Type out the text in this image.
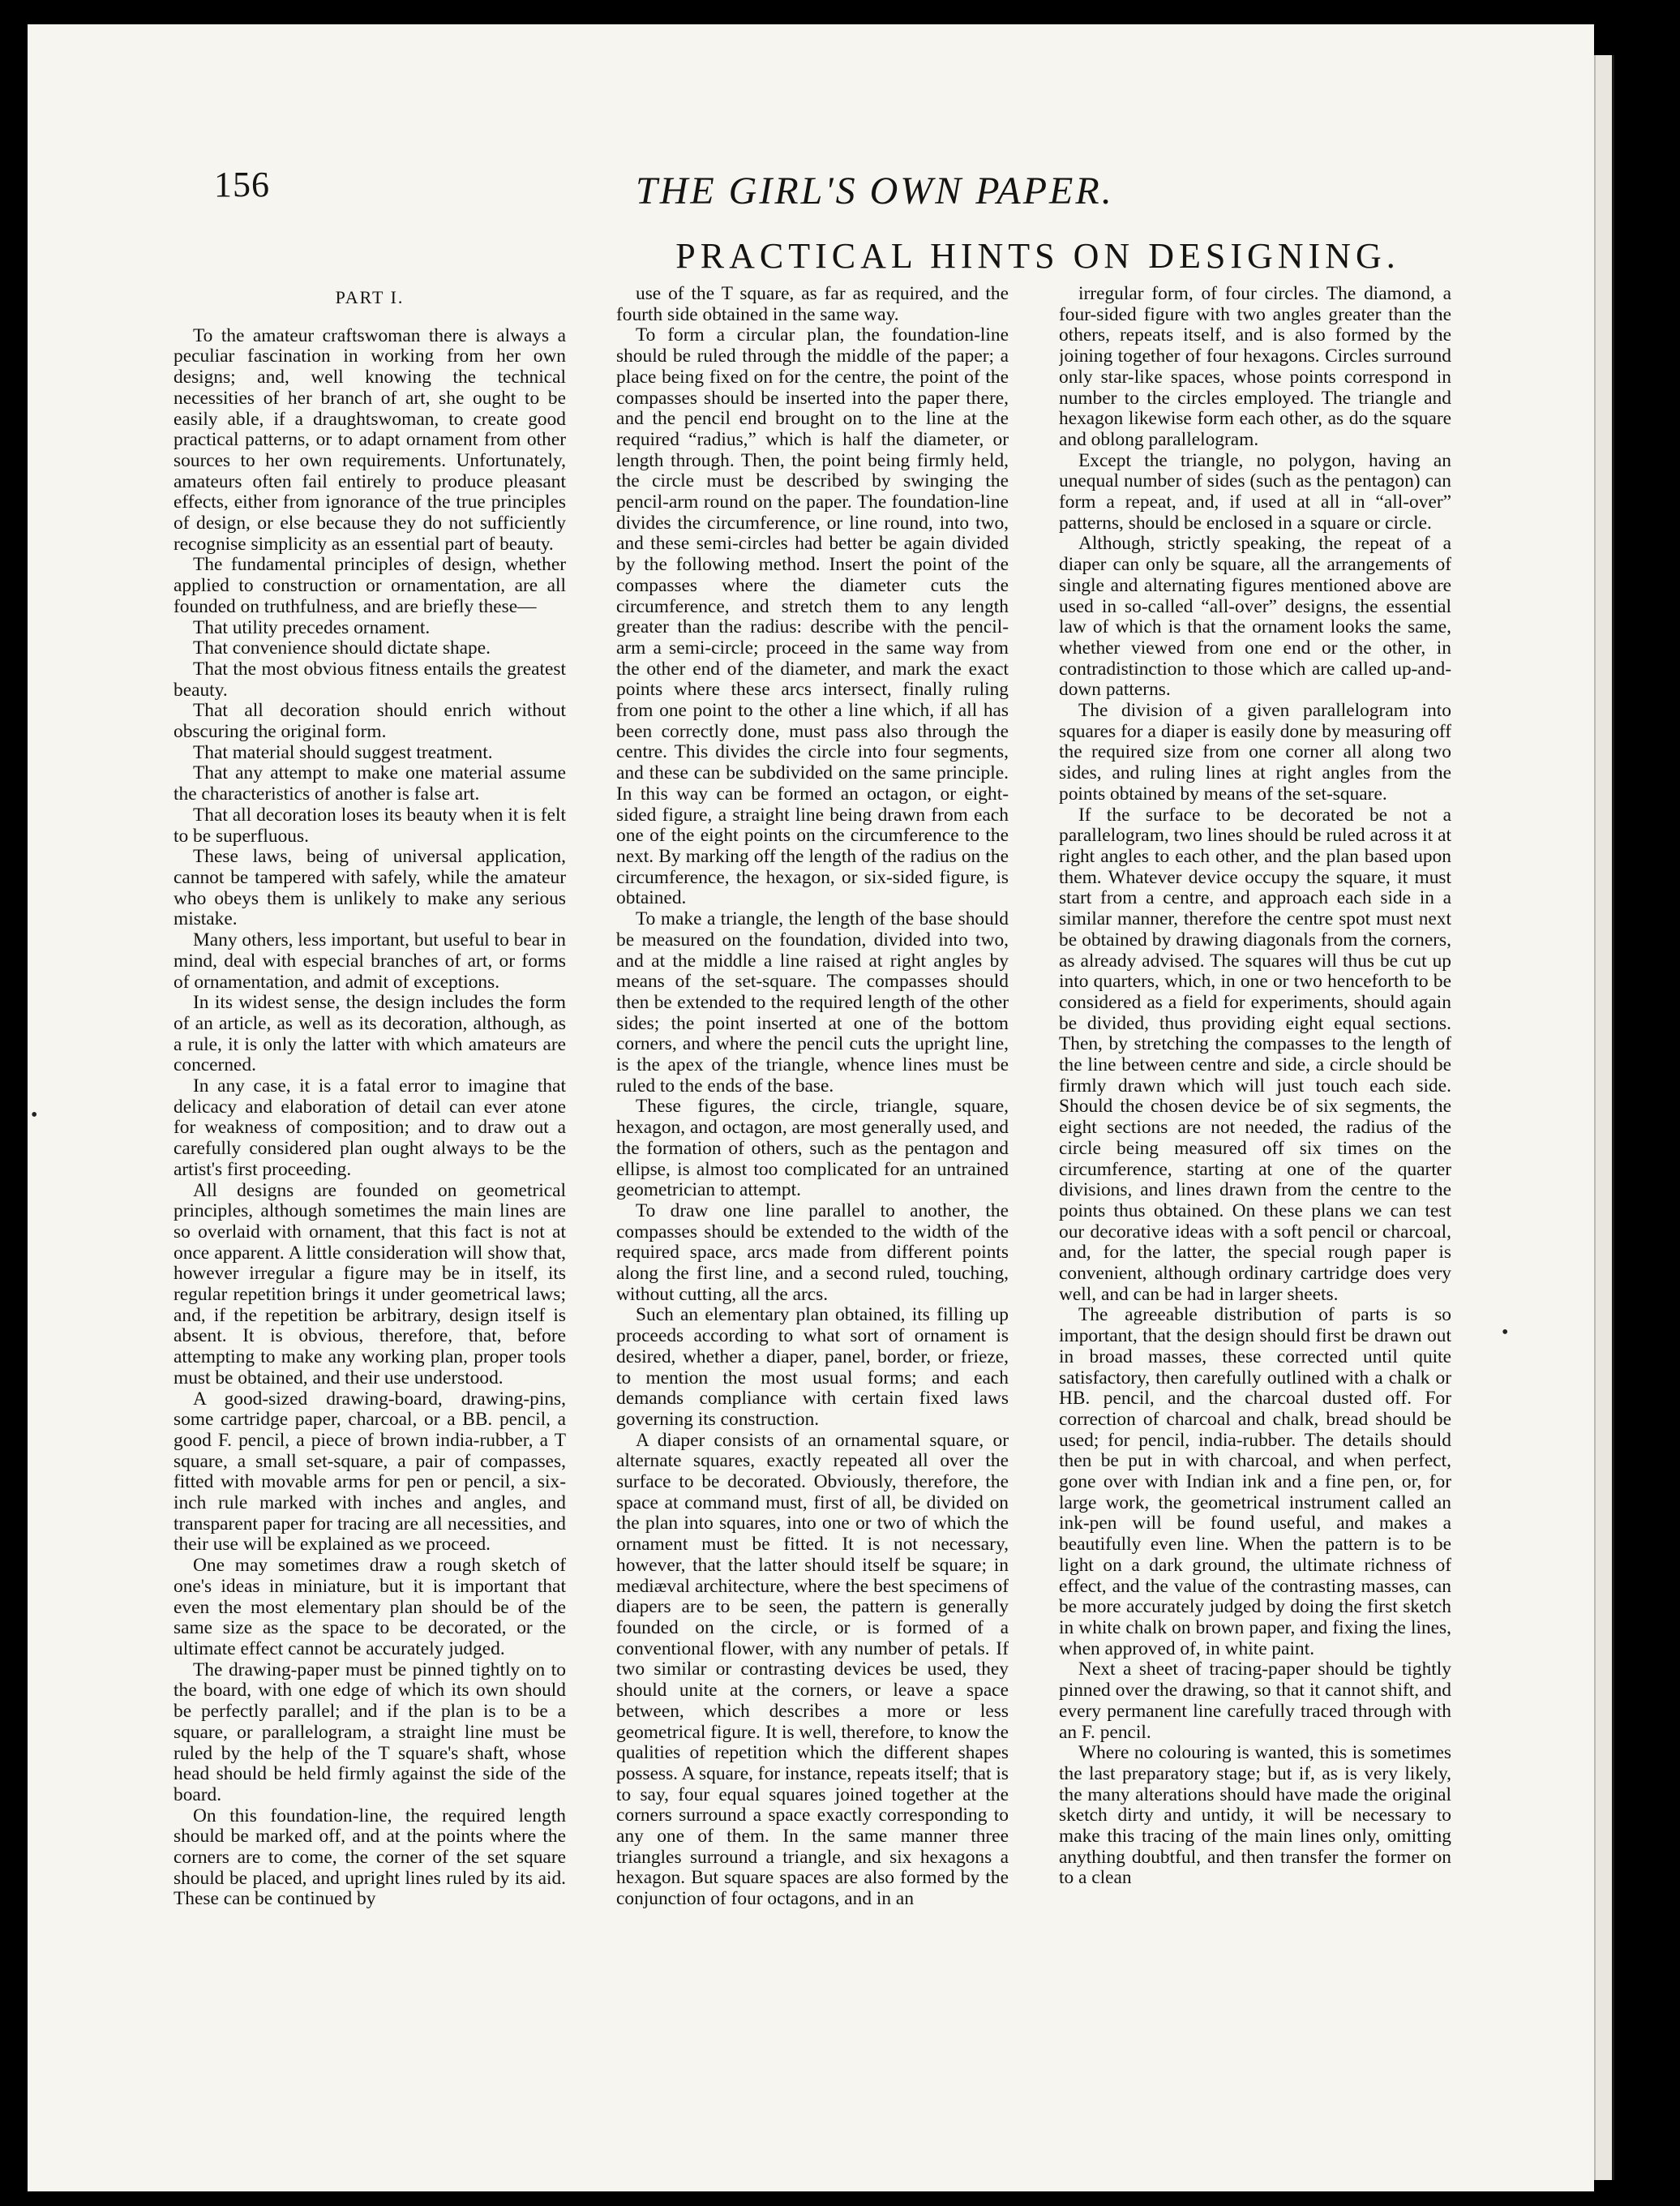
156	THE GIRL'S OWN PAPER.
PRACTICAL HINTS ON DESIGNING.
PART I.

To the amateur craftswoman there is always a peculiar fascination in working from her own designs; and, well knowing the technical necessities of her branch of art, she ought to be easily able, if a draughtswoman, to create good practical patterns, or to adapt ornament from other sources to her own requirements. Unfortunately, amateurs often fail entirely to produce pleasant effects, either from ignorance of the true principles of design, or else because they do not sufficiently recognise simplicity as an essential part of beauty.

The fundamental principles of design, whether applied to construction or ornamentation, are all founded on truthfulness, and are briefly these—

That utility precedes ornament.

That convenience should dictate shape.

That the most obvious fitness entails the greatest beauty.

That all decoration should enrich without obscuring the original form.

That material should suggest treatment.

That any attempt to make one material assume the characteristics of another is false art.

That all decoration loses its beauty when it is felt to be superfluous.

These laws, being of universal application, cannot be tampered with safely, while the amateur who obeys them is unlikely to make any serious mistake.

Many others, less important, but useful to bear in mind, deal with especial branches of art, or forms of ornamentation, and admit of exceptions.

In its widest sense, the design includes the form of an article, as well as its decoration, although, as a rule, it is only the latter with which amateurs are concerned.

In any case, it is a fatal error to imagine that delicacy and elaboration of detail can ever atone for weakness of composition; and to draw out a carefully considered plan ought always to be the artist's first proceeding.

All designs are founded on geometrical principles, although sometimes the main lines are so overlaid with ornament, that this fact is not at once apparent. A little consideration will show that, however irregular a figure may be in itself, its regular repetition brings it under geometrical laws; and, if the repetition be arbitrary, design itself is absent. It is obvious, therefore, that, before attempting to make any working plan, proper tools must be obtained, and their use understood.

A good-sized drawing-board, drawing-pins, some cartridge paper, charcoal, or a BB. pencil, a good F. pencil, a piece of brown india-rubber, a T square, a small set-square, a pair of compasses, fitted with movable arms for pen or pencil, a six-inch rule marked with inches and angles, and transparent paper for tracing are all necessities, and their use will be explained as we proceed.

One may sometimes draw a rough sketch of one's ideas in miniature, but it is important that even the most elementary plan should be of the same size as the space to be decorated, or the ultimate effect cannot be accurately judged.

The drawing-paper must be pinned tightly on to the board, with one edge of which its own should be perfectly parallel; and if the plan is to be a square, or parallelogram, a straight line must be ruled by the help of the T square's shaft, whose head should be held firmly against the side of the board.

On this foundation-line, the required length should be marked off, and at the points where the corners are to come, the corner of the set square should be placed, and upright lines ruled by its aid. These can be continued by

use of the T square, as far as required, and the fourth side obtained in the same way.

To form a circular plan, the foundation-line should be ruled through the middle of the paper; a place being fixed on for the centre, the point of the compasses should be inserted into the paper there, and the pencil end brought on to the line at the required “radius,” which is half the diameter, or length through. Then, the point being firmly held, the circle must be described by swinging the pencil-arm round on the paper. The foundation-line divides the circumference, or line round, into two, and these semi-circles had better be again divided by the following method. Insert the point of the compasses where the diameter cuts the circumference, and stretch them to any length greater than the radius: describe with the pencil-arm a semi-circle; proceed in the same way from the other end of the diameter, and mark the exact points where these arcs intersect, finally ruling from one point to the other a line which, if all has been correctly done, must pass also through the centre. This divides the circle into four segments, and these can be subdivided on the same principle. In this way can be formed an octagon, or eight-sided figure, a straight line being drawn from each one of the eight points on the circumference to the next. By marking off the length of the radius on the circumference, the hexagon, or six-sided figure, is obtained.

To make a triangle, the length of the base should be measured on the foundation, divided into two, and at the middle a line raised at right angles by means of the set-square. The compasses should then be extended to the required length of the other sides; the point inserted at one of the bottom corners, and where the pencil cuts the upright line, is the apex of the triangle, whence lines must be ruled to the ends of the base.

These figures, the circle, triangle, square, hexagon, and octagon, are most generally used, and the formation of others, such as the pentagon and ellipse, is almost too complicated for an untrained geometrician to attempt.

To draw one line parallel to another, the compasses should be extended to the width of the required space, arcs made from different points along the first line, and a second ruled, touching, without cutting, all the arcs.

Such an elementary plan obtained, its filling up proceeds according to what sort of ornament is desired, whether a diaper, panel, border, or frieze, to mention the most usual forms; and each demands compliance with certain fixed laws governing its construction.

A diaper consists of an ornamental square, or alternate squares, exactly repeated all over the surface to be decorated. Obviously, therefore, the space at command must, first of all, be divided on the plan into squares, into one or two of which the ornament must be fitted. It is not necessary, however, that the latter should itself be square; in mediæval architecture, where the best specimens of diapers are to be seen, the pattern is generally founded on the circle, or is formed of a conventional flower, with any number of petals. If two similar or contrasting devices be used, they should unite at the corners, or leave a space between, which describes a more or less geometrical figure. It is well, therefore, to know the qualities of repetition which the different shapes possess. A square, for instance, repeats itself; that is to say, four equal squares joined together at the corners surround a space exactly corresponding to any one of them. In the same manner three triangles surround a triangle, and six hexagons a hexagon. But square spaces are also formed by the conjunction of four octagons, and in an

irregular form, of four circles. The diamond, a four-sided figure with two angles greater than the others, repeats itself, and is also formed by the joining together of four hexagons. Circles surround only star-like spaces, whose points correspond in number to the circles employed. The triangle and hexagon likewise form each other, as do the square and oblong parallelogram.

Except the triangle, no polygon, having an unequal number of sides (such as the pentagon) can form a repeat, and, if used at all in “all-over” patterns, should be enclosed in a square or circle.

Although, strictly speaking, the repeat of a diaper can only be square, all the arrangements of single and alternating figures mentioned above are used in so-called “all-over” designs, the essential law of which is that the ornament looks the same, whether viewed from one end or the other, in contradistinction to those which are called up-and-down patterns.

The division of a given parallelogram into squares for a diaper is easily done by measuring off the required size from one corner all along two sides, and ruling lines at right angles from the points obtained by means of the set-square.

If the surface to be decorated be not a parallelogram, two lines should be ruled across it at right angles to each other, and the plan based upon them. Whatever device occupy the square, it must start from a centre, and approach each side in a similar manner, therefore the centre spot must next be obtained by drawing diagonals from the corners, as already advised. The squares will thus be cut up into quarters, which, in one or two henceforth to be considered as a field for experiments, should again be divided, thus providing eight equal sections. Then, by stretching the compasses to the length of the line between centre and side, a circle should be firmly drawn which will just touch each side. Should the chosen device be of six segments, the eight sections are not needed, the radius of the circle being measured off six times on the circumference, starting at one of the quarter divisions, and lines drawn from the centre to the points thus obtained. On these plans we can test our decorative ideas with a soft pencil or charcoal, and, for the latter, the special rough paper is convenient, although ordinary cartridge does very well, and can be had in larger sheets.

The agreeable distribution of parts is so important, that the design should first be drawn out in broad masses, these corrected until quite satisfactory, then carefully outlined with a chalk or HB. pencil, and the charcoal dusted off. For correction of charcoal and chalk, bread should be used; for pencil, india-rubber. The details should then be put in with charcoal, and when perfect, gone over with Indian ink and a fine pen, or, for large work, the geometrical instrument called an ink-pen will be found useful, and makes a beautifully even line. When the pattern is to be light on a dark ground, the ultimate richness of effect, and the value of the contrasting masses, can be more accurately judged by doing the first sketch in white chalk on brown paper, and fixing the lines, when approved of, in white paint.

Next a sheet of tracing-paper should be tightly pinned over the drawing, so that it cannot shift, and every permanent line carefully traced through with an F. pencil.

Where no colouring is wanted, this is sometimes the last preparatory stage; but if, as is very likely, the many alterations should have made the original sketch dirty and untidy, it will be necessary to make this tracing of the main lines only, omitting anything doubtful, and then transfer the former on to a clean

•
•
